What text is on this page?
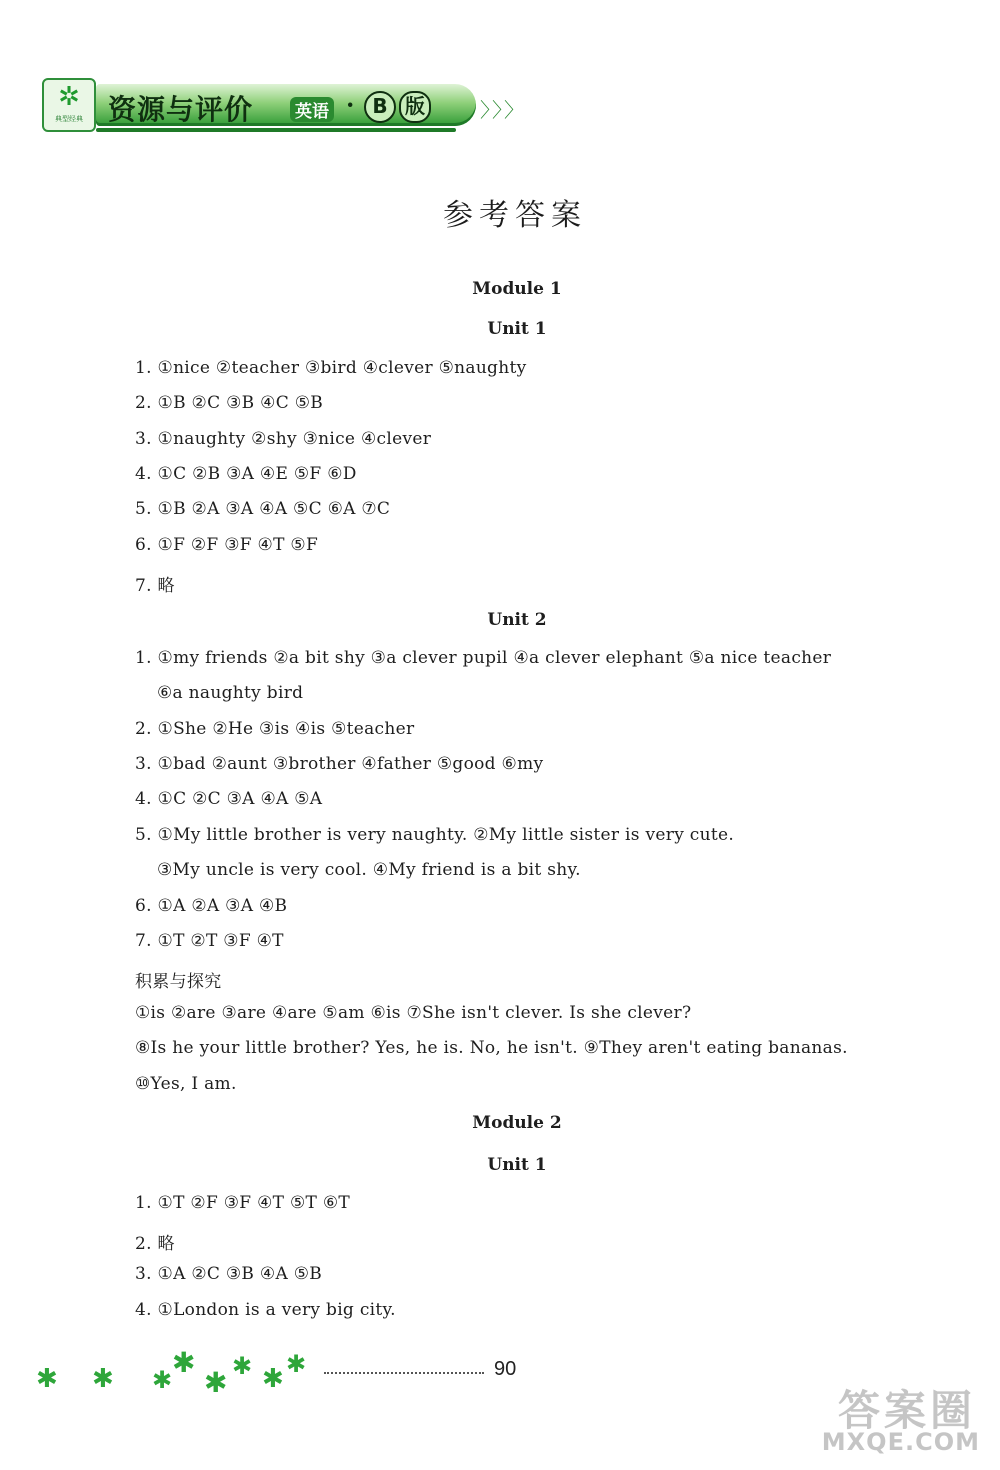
✲
典型经典 资源与评价 英语 · B 版	〉〉〉
参考答案
Module 1
Unit 1
1. ①nice ②teacher ③bird ④clever ⑤naughty
2. ①B ②C ③B ④C ⑤B
3. ①naughty ②shy ③nice ④clever
4. ①C ②B ③A ④E ⑤F ⑥D
5. ①B ②A ③A ④A ⑤C ⑥A ⑦C
6. ①F ②F ③F ④T ⑤F
7. 略
Unit 2
1. ①my friends ②a bit shy ③a clever pupil ④a clever elephant ⑤a nice teacher
⑥a naughty bird
2. ①She ②He ③is ④is ⑤teacher
3. ①bad ②aunt ③brother ④father ⑤good ⑥my
4. ①C ②C ③A ④A ⑤A
5. ①My little brother is very naughty. ②My little sister is very cute.
③My uncle is very cool. ④My friend is a bit shy.
6. ①A ②A ③A ④B
7. ①T ②T ③F ④T
积累与探究
①is ②are ③are ④are ⑤am ⑥is ⑦She isn't clever. Is she clever?
⑧Is he your little brother? Yes, he is. No, he isn't. ⑨They aren't eating bananas.
⑩Yes, I am.
Module 2
Unit 1
1. ①T ②F ③F ④T ⑤T ⑥T
2. 略
3. ①A ②C ③B ④A ⑤B
4. ①London is a very big city.
✱ ✱ ✱
✱
✱ ✱ ✱ ✱	90
答案圈
MXQE.COM
